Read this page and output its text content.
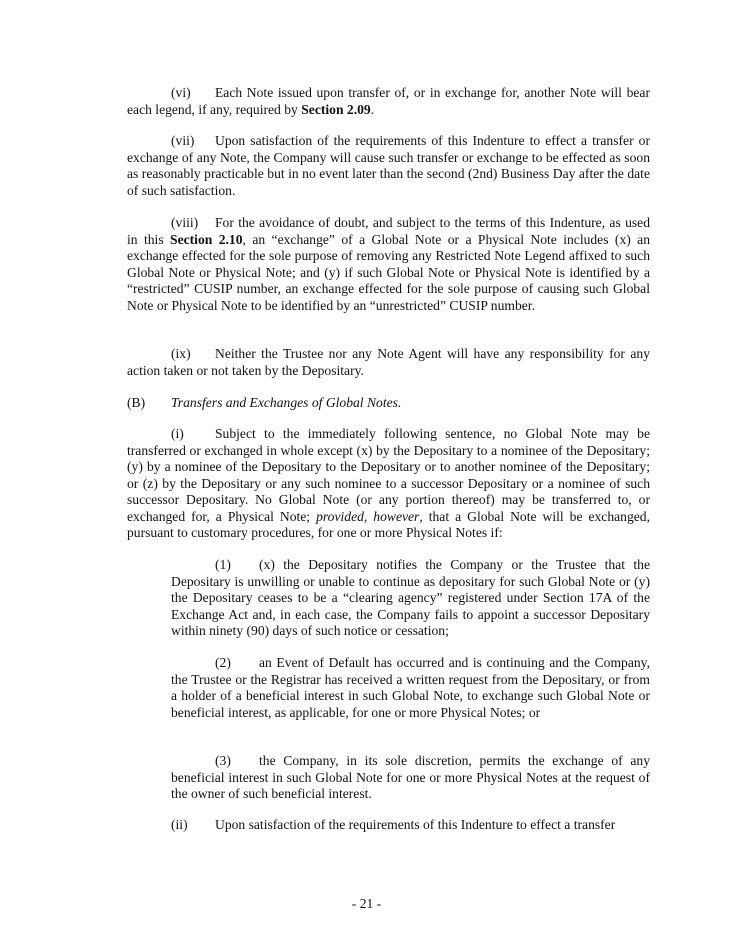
(vi) Each Note issued upon transfer of, or in exchange for, another Note will bear each legend, if any, required by Section 2.09.
(vii) Upon satisfaction of the requirements of this Indenture to effect a transfer or exchange of any Note, the Company will cause such transfer or exchange to be effected as soon as reasonably practicable but in no event later than the second (2nd) Business Day after the date of such satisfaction.
(viii) For the avoidance of doubt, and subject to the terms of this Indenture, as used in this Section 2.10, an “exchange” of a Global Note or a Physical Note includes (x) an exchange effected for the sole purpose of removing any Restricted Note Legend affixed to such Global Note or Physical Note; and (y) if such Global Note or Physical Note is identified by a “restricted” CUSIP number, an exchange effected for the sole purpose of causing such Global Note or Physical Note to be identified by an “unrestricted” CUSIP number.
(ix) Neither the Trustee nor any Note Agent will have any responsibility for any action taken or not taken by the Depositary.
(B) Transfers and Exchanges of Global Notes.
(i) Subject to the immediately following sentence, no Global Note may be transferred or exchanged in whole except (x) by the Depositary to a nominee of the Depositary; (y) by a nominee of the Depositary to the Depositary or to another nominee of the Depositary; or (z) by the Depositary or any such nominee to a successor Depositary or a nominee of such successor Depositary. No Global Note (or any portion thereof) may be transferred to, or exchanged for, a Physical Note; provided, however, that a Global Note will be exchanged, pursuant to customary procedures, for one or more Physical Notes if:
(1) (x) the Depositary notifies the Company or the Trustee that the Depositary is unwilling or unable to continue as depositary for such Global Note or (y) the Depositary ceases to be a “clearing agency” registered under Section 17A of the Exchange Act and, in each case, the Company fails to appoint a successor Depositary within ninety (90) days of such notice or cessation;
(2) an Event of Default has occurred and is continuing and the Company, the Trustee or the Registrar has received a written request from the Depositary, or from a holder of a beneficial interest in such Global Note, to exchange such Global Note or beneficial interest, as applicable, for one or more Physical Notes; or
(3) the Company, in its sole discretion, permits the exchange of any beneficial interest in such Global Note for one or more Physical Notes at the request of the owner of such beneficial interest.
(ii) Upon satisfaction of the requirements of this Indenture to effect a transfer
- 21 -
